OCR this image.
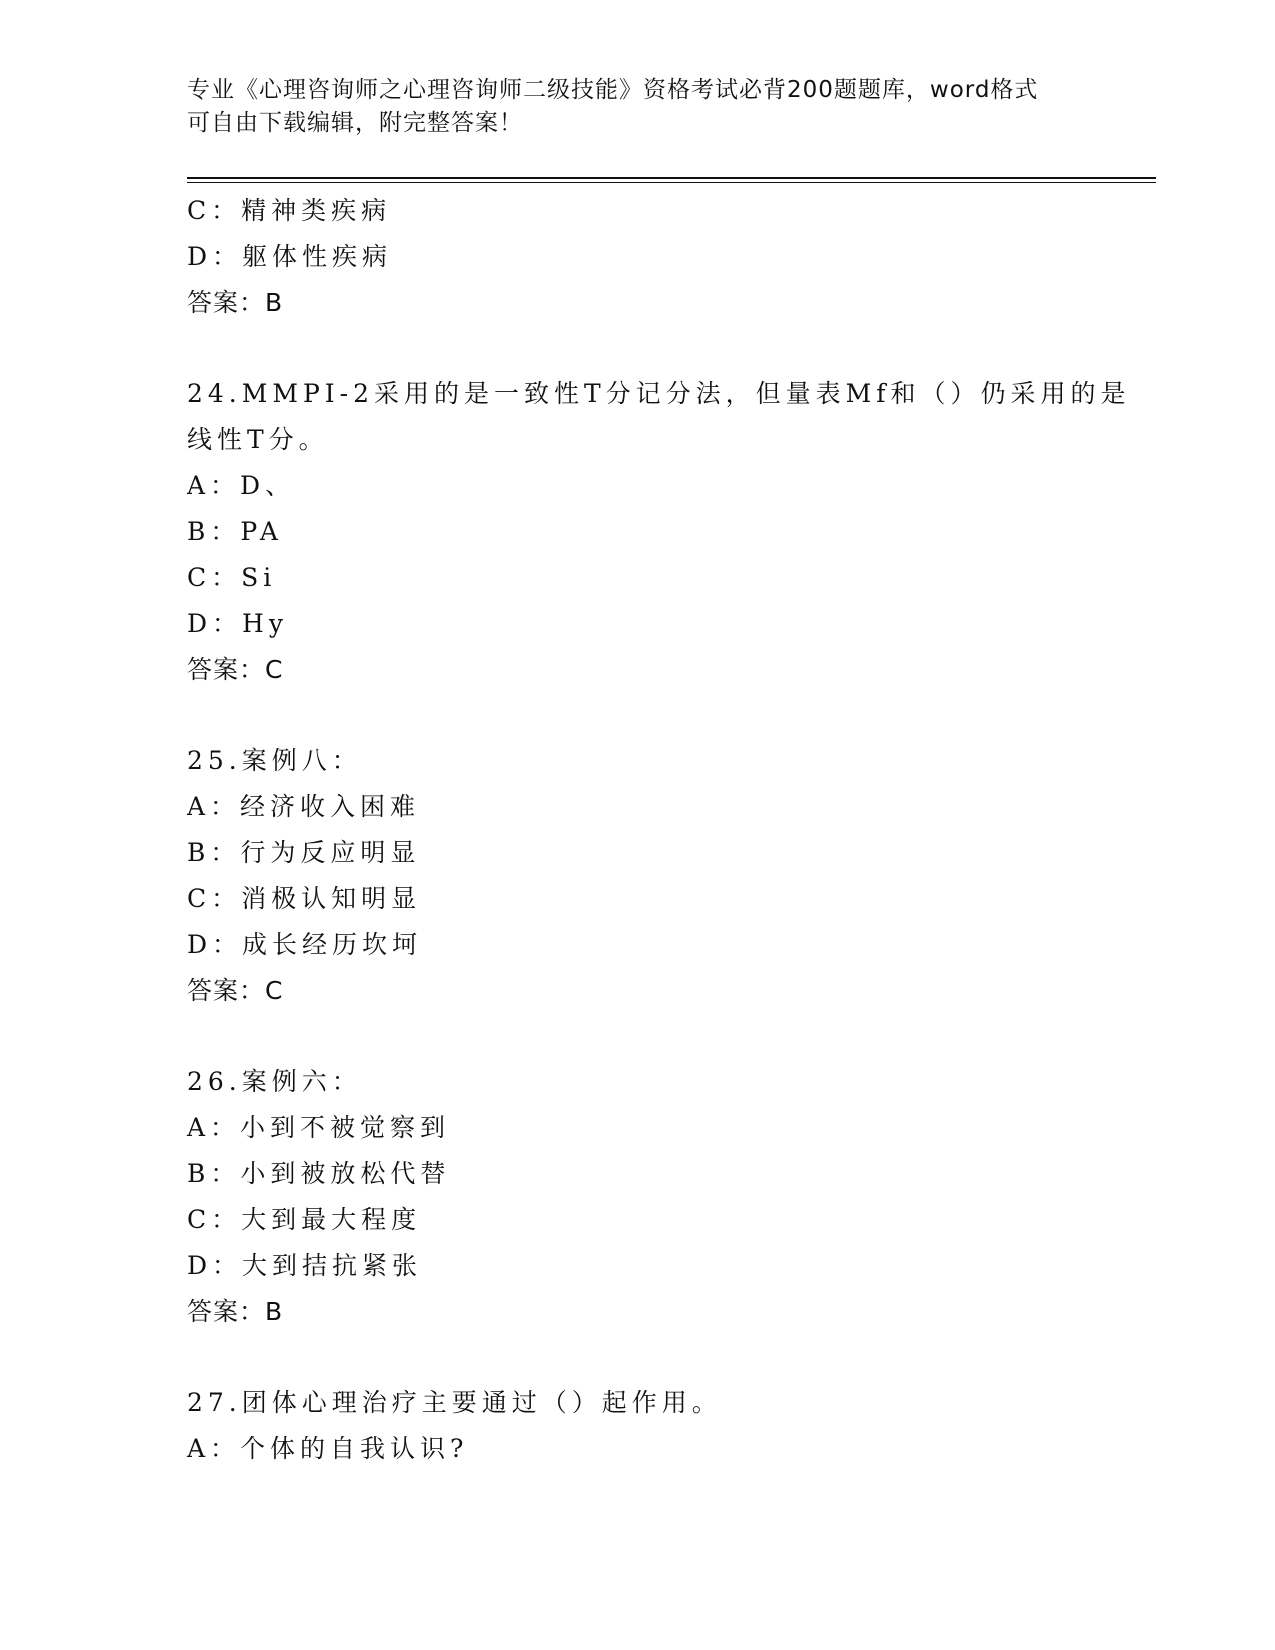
专业《心理咨询师之心理咨询师二级技能》资格考试必背200题题库，word格式
可自由下载编辑，附完整答案！
C：精神类疾病
D：躯体性疾病
答案：B
24.MMPI-2采用的是一致性T分记分法，但量表Mf和（）仍采用的是
线性T分。
A：D、
B：PA
C：Si
D：Hy
答案：C
25.案例八：
A：经济收入困难
B：行为反应明显
C：消极认知明显
D：成长经历坎坷
答案：C
26.案例六：
A：小到不被觉察到
B：小到被放松代替
C：大到最大程度
D：大到拮抗紧张
答案：B
27.团体心理治疗主要通过（）起作用。
A：个体的自我认识?
